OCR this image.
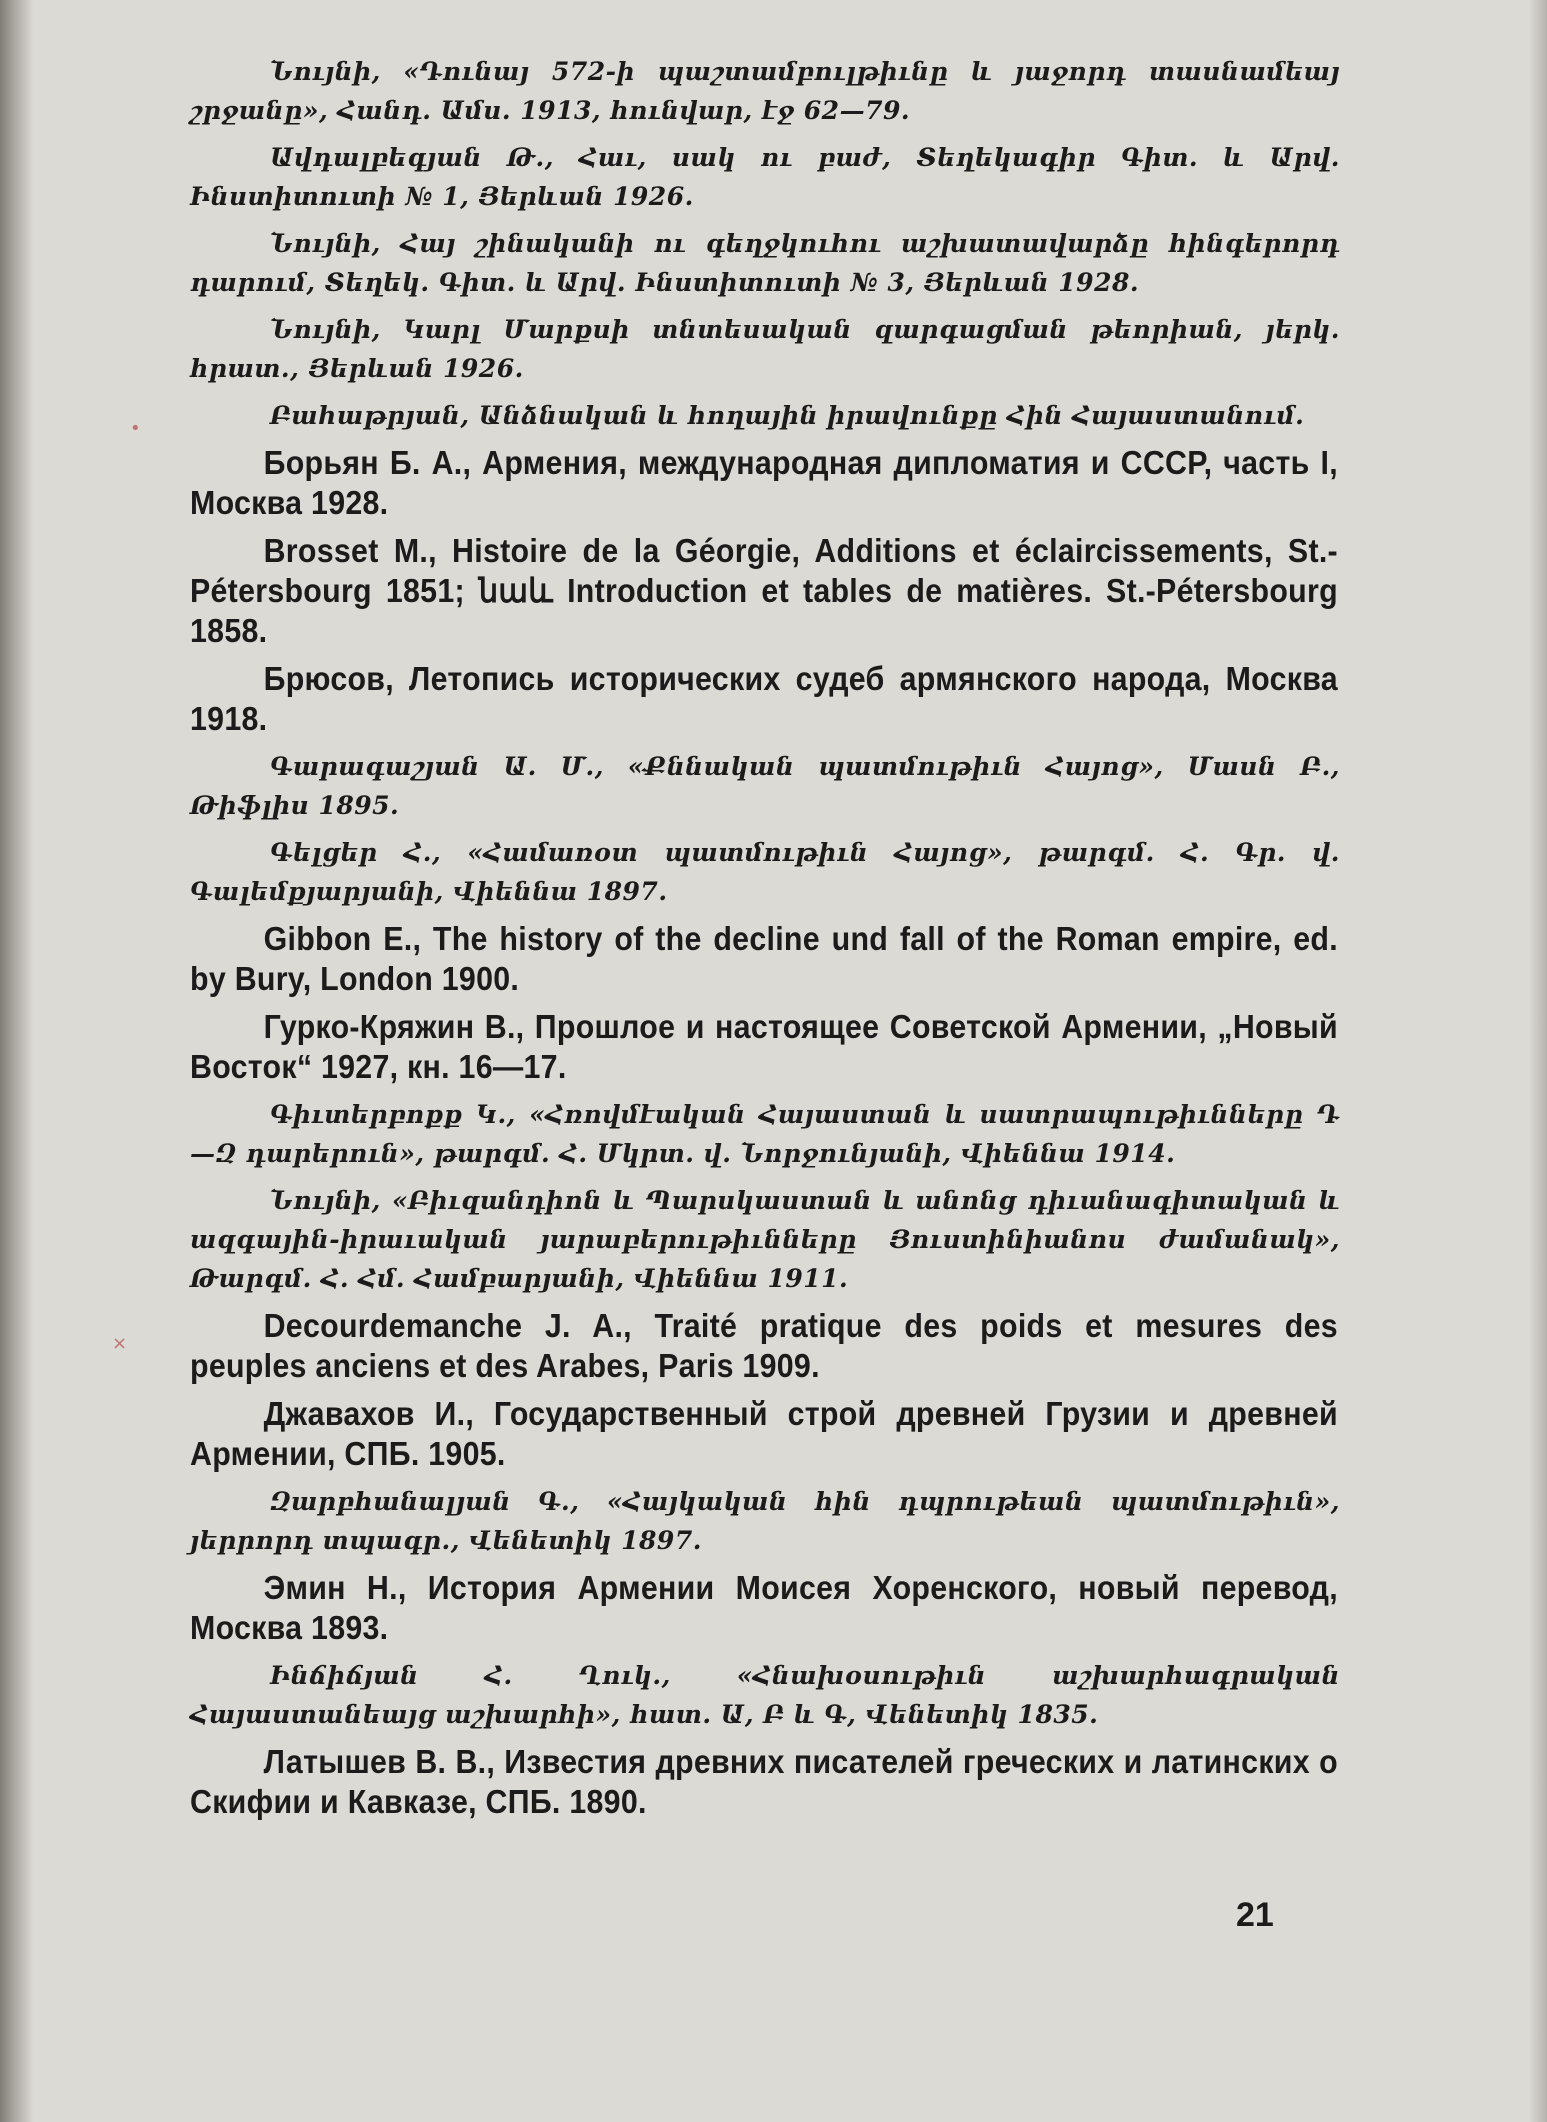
•
×
Նույնի, «Դունայ 572-ի պաշտամբուլթիւնը և յաջորդ տասնամեայ շրջանը», Հանդ. Ամս. 1913, հունվար, էջ 62—79.
Ավդալբեգյան Թ., Հաւ, սակ ու բաժ, Տեղեկագիր Գիտ. և Արվ. Ինստիտուտի № 1, Յերևան 1926.
Նույնի, Հայ շինականի ու գեղջկուհու աշխատավարձը հինգերորդ դարում, Տեղեկ. Գիտ. և Արվ. Ինստիտուտի № 3, Յերևան 1928.
Նույնի, Կարլ Մարքսի տնտեսական զարգացման թեորիան, յերկ. հրատ., Յերևան 1926.
Բաhաթրյան, Անձնական և հողային իրավունքը Հին Հայաստանում.
Борьян Б. А., Армения, международная дипломатия и СССР, часть I, Москва 1928.
Brosset M., Histoire de la Géorgie, Additions et éclaircissements, St.-Pétersbourg 1851; նաև Introduction et tables de matières. St.-Pétersbourg 1858.
Брюсов, Летопись исторических судеб армянского народа, Москва 1918.
Գարագաշյան Ա. Մ., «Քննական պատմութիւն Հայոց», Մասն Բ., Թիֆլիս 1895.
Գելցեր Հ., «Համառօտ պատմութիւն Հայոց», թարգմ. Հ. Գր. վ. Գալեմքյարյանի, Վիեննա 1897.
Gibbon E., The history of the decline und fall of the Roman empire, ed. by Bury, London 1900.
Гурко-Кряжин В., Прошлое и настоящее Советской Армении, „Новый Восток“ 1927, кн. 16—17.
Գիւտերբոքք Կ., «Հռովմէական Հայաստան և սատրապութիւնները Դ—Զ դարերուն», թարգմ. Հ. Մկրտ. վ. Նորջունյանի, Վիեննա 1914.
Նույնի, «Բիւզանդիոն և Պարսկաստան և անոնց դիւանագիտական և ազգային-իրաւական յարաբերութիւնները Յուստինիանոս ժամանակ», Թարգմ. Հ. Հմ. Համբարյանի, Վիեննա 1911.
Decourdemanche J. A., Traité pratique des poids et mesures des peuples anciens et des Arabes, Paris 1909.
Джавахов И., Государственный строй древней Грузии и древней Армении, СПБ. 1905.
Զարբհանալյան Գ., «Հայկական հին դպրութեան պատմութիւն», յերրորդ տպագր., Վենետիկ 1897.
Эмин Н., История Армении Моисея Хоренского, новый перевод, Москва 1893.
Ինճիճյան Հ. Ղուկ., «Հնախօսութիւն աշխարհագրական Հայաստանեայց աշխարհի», հատ. Ա, Բ և Գ, Վենետիկ 1835.
Латышев В. В., Известия древних писателей греческих и латинских о Скифии и Кавказе, СПБ. 1890.
21
